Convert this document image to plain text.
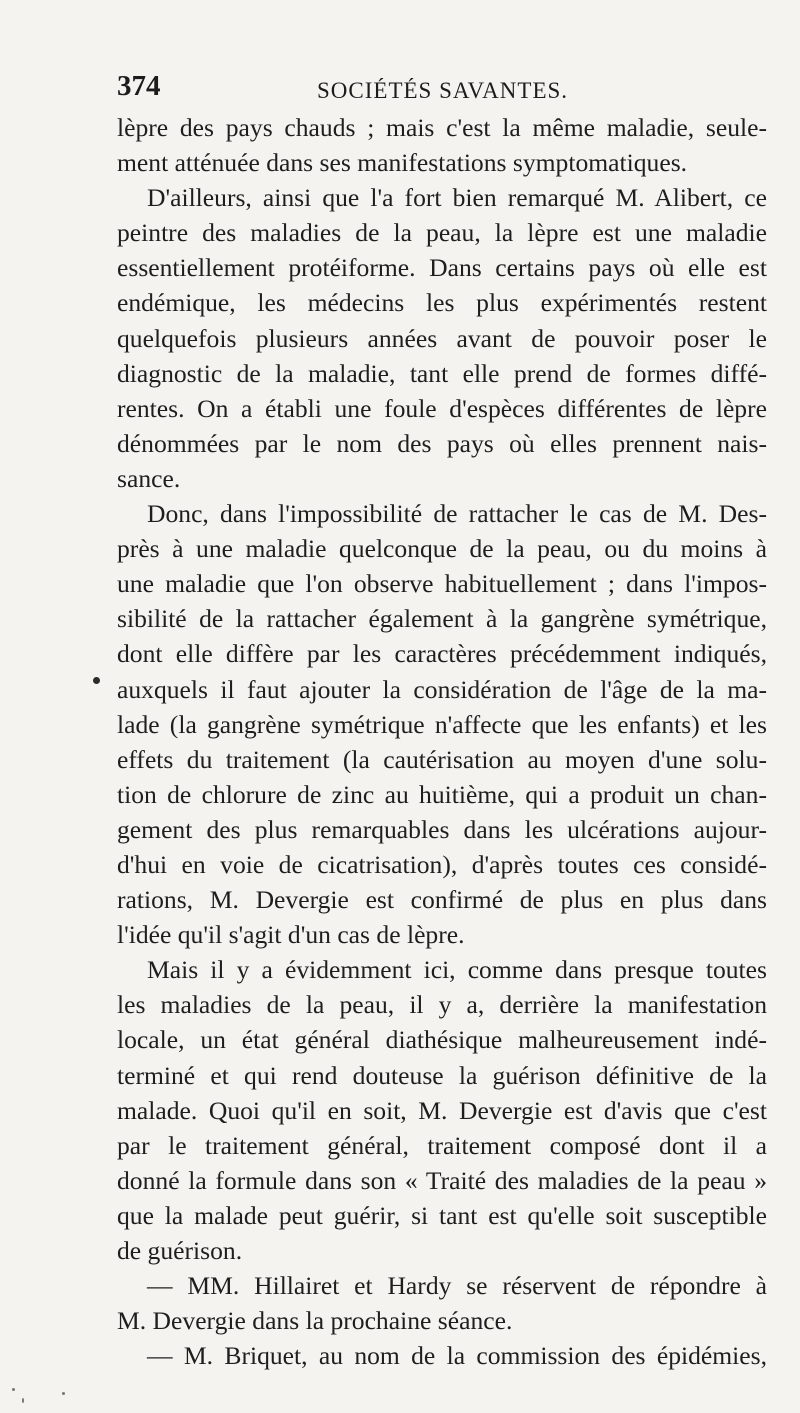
374	SOCIÉTÉS SAVANTES.

lèpre des pays chauds ; mais c'est la même maladie, seule-
ment atténuée dans ses manifestations symptomatiques.

D'ailleurs, ainsi que l'a fort bien remarqué M. Alibert, ce
peintre des maladies de la peau, la lèpre est une maladie
essentiellement protéiforme. Dans certains pays où elle est
endémique, les médecins les plus expérimentés restent
quelquefois plusieurs années avant de pouvoir poser le
diagnostic de la maladie, tant elle prend de formes diffé-
rentes. On a établi une foule d'espèces différentes de lèpre
dénommées par le nom des pays où elles prennent nais-
sance.

Donc, dans l'impossibilité de rattacher le cas de M. Des-
près à une maladie quelconque de la peau, ou du moins à
une maladie que l'on observe habituellement ; dans l'impos-
sibilité de la rattacher également à la gangrène symétrique,
dont elle diffère par les caractères précédemment indiqués,
auxquels il faut ajouter la considération de l'âge de la ma-
lade (la gangrène symétrique n'affecte que les enfants) et les
effets du traitement (la cautérisation au moyen d'une solu-
tion de chlorure de zinc au huitième, qui a produit un chan-
gement des plus remarquables dans les ulcérations aujour-
d'hui en voie de cicatrisation), d'après toutes ces considé-
rations, M. Devergie est confirmé de plus en plus dans
l'idée qu'il s'agit d'un cas de lèpre.

Mais il y a évidemment ici, comme dans presque toutes
les maladies de la peau, il y a, derrière la manifestation
locale, un état général diathésique malheureusement indé-
terminé et qui rend douteuse la guérison définitive de la
malade. Quoi qu'il en soit, M. Devergie est d'avis que c'est
par le traitement général, traitement composé dont il a
donné la formule dans son « Traité des maladies de la peau »
que la malade peut guérir, si tant est qu'elle soit susceptible
de guérison.

— MM. Hillairet et Hardy se réservent de répondre à
M. Devergie dans la prochaine séance.

— M. Briquet, au nom de la commission des épidémies,
